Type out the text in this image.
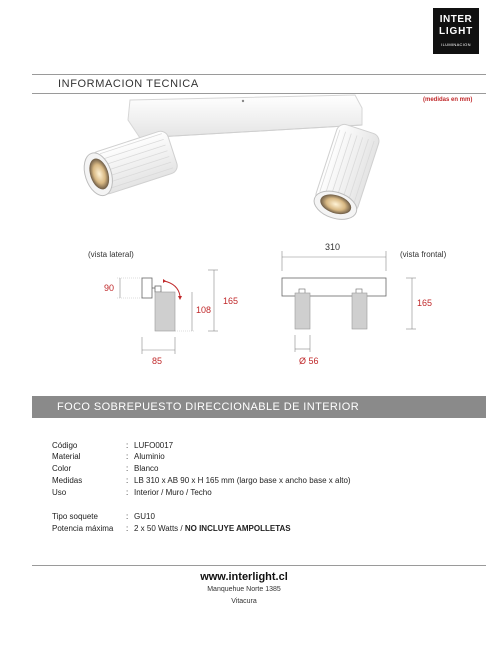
INTER
LIGHT
ILUMINACION
INFORMACION TECNICA
(medidas en mm)
(vista lateral)	(vista frontal)
90
108
165
85
310
165
Ø 56
FOCO SOBREPUESTO DIRECCIONABLE DE INTERIOR
Código	: LUFO0017
Material	: Aluminio
Color	: Blanco
Medidas	: LB 310 x AB 90 x H 165 mm (largo base x ancho base x alto)
Uso	: Interior / Muro / Techo
Tipo soquete	: GU10
Potencia máxima	: 2 x 50 Watts / NO INCLUYE AMPOLLETAS
www.interlight.cl
Manquehue Norte 1385
Vitacura
